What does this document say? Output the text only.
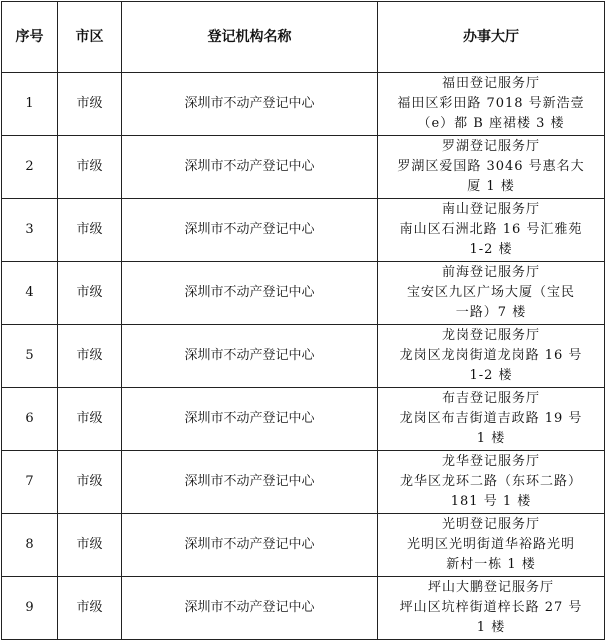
序号	市区	登记机构名称	办事大厅
1	市级	深圳市不动产登记中心	福田登记服务厅
福田区彩田路 7018 号新浩壹
（e）都 B 座裙楼 3 楼

2	市级	深圳市不动产登记中心	罗湖登记服务厅
罗湖区爱国路 3046 号惠名大
厦 1 楼

3	市级	深圳市不动产登记中心	南山登记服务厅
南山区石洲北路 16 号汇雅苑
1-2 楼

4	市级	深圳市不动产登记中心	前海登记服务厅
宝安区九区广场大厦（宝民
一路）7 楼

5	市级	深圳市不动产登记中心	龙岗登记服务厅
龙岗区龙岗街道龙岗路 16 号
1-2 楼

6	市级	深圳市不动产登记中心	布吉登记服务厅
龙岗区布吉街道吉政路 19 号
1 楼

7	市级	深圳市不动产登记中心	龙华登记服务厅
龙华区龙环二路（东环二路）
181 号 1 楼

8	市级	深圳市不动产登记中心	光明登记服务厅
光明区光明街道华裕路光明
新村一栋 1 楼

9	市级	深圳市不动产登记中心	坪山大鹏登记服务厅
坪山区坑梓街道梓长路 27 号
1 楼
